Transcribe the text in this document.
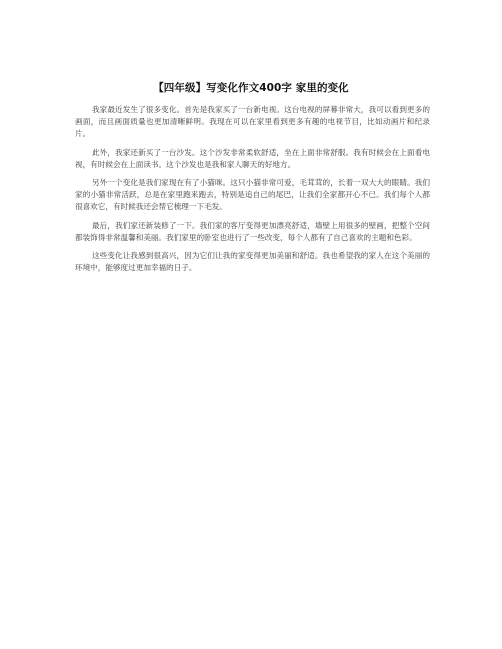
【四年级】写变化作文400字 家里的变化

我家最近发生了很多变化。首先是我家买了一台新电视。这台电视的屏幕非常大，我可以看到更多的画面，而且画面质量也更加清晰鲜明。我现在可以在家里看到更多有趣的电视节目，比如动画片和纪录片。

此外，我家还新买了一台沙发。这个沙发非常柔软舒适，坐在上面非常舒服。我有时候会在上面看电视，有时候会在上面读书。这个沙发也是我和家人聊天的好地方。

另外一个变化是我们家现在有了小猫咪。这只小猫非常可爱，毛茸茸的，长着一双大大的眼睛。我们家的小猫非常活跃，总是在家里跑来跑去，特别是追自己的尾巴，让我们全家都开心不已。我们每个人都很喜欢它，有时候我还会帮它梳理一下毛发。

最后，我们家还新装修了一下。我们家的客厅变得更加漂亮舒适，墙壁上用很多的壁画，把整个空间都装饰得非常温馨和美丽。我们家里的卧室也进行了一些改变，每个人都有了自己喜欢的主题和色彩。

这些变化让我感到很高兴，因为它们让我的家变得更加美丽和舒适。我也希望我的家人在这个美丽的环境中，能够度过更加幸福的日子。
